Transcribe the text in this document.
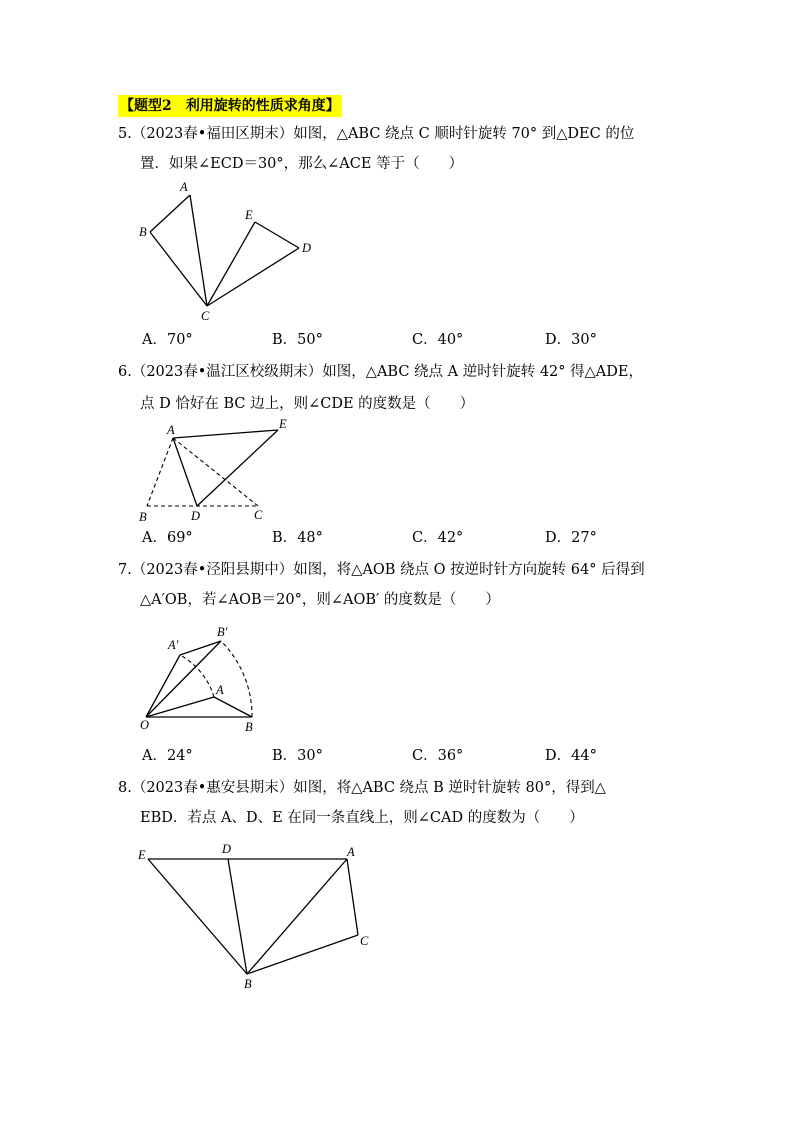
【题型2　利用旋转的性质求角度】
5.（2023春•福田区期末）如图，△ABC 绕点 C 顺时针旋转 70° 到△DEC 的位
置．如果∠ECD＝30°，那么∠ACE 等于（　　）
A
B
C
E
D
A．70°	B．50°	C．40°	D．30°
6.（2023春•温江区校级期末）如图，△ABC 绕点 A 逆时针旋转 42° 得△ADE，
点 D 恰好在 BC 边上，则∠CDE 的度数是（　　）
A	E
B	D	C
A．69°	B．48°	C．42°	D．27°
7.（2023春•泾阳县期中）如图，将△AOB 绕点 O 按逆时针方向旋转 64° 后得到
△A′OB，若∠AOB＝20°，则∠AOB′ 的度数是（　　）
A′
B′
A
O	B
A．24°	B．30°	C．36°	D．44°
8.（2023春•惠安县期末）如图，将△ABC 绕点 B 逆时针旋转 80°，得到△
EBD．若点 A、D、E 在同一条直线上，则∠CAD 的度数为（　　）
E	D	A
C
B
